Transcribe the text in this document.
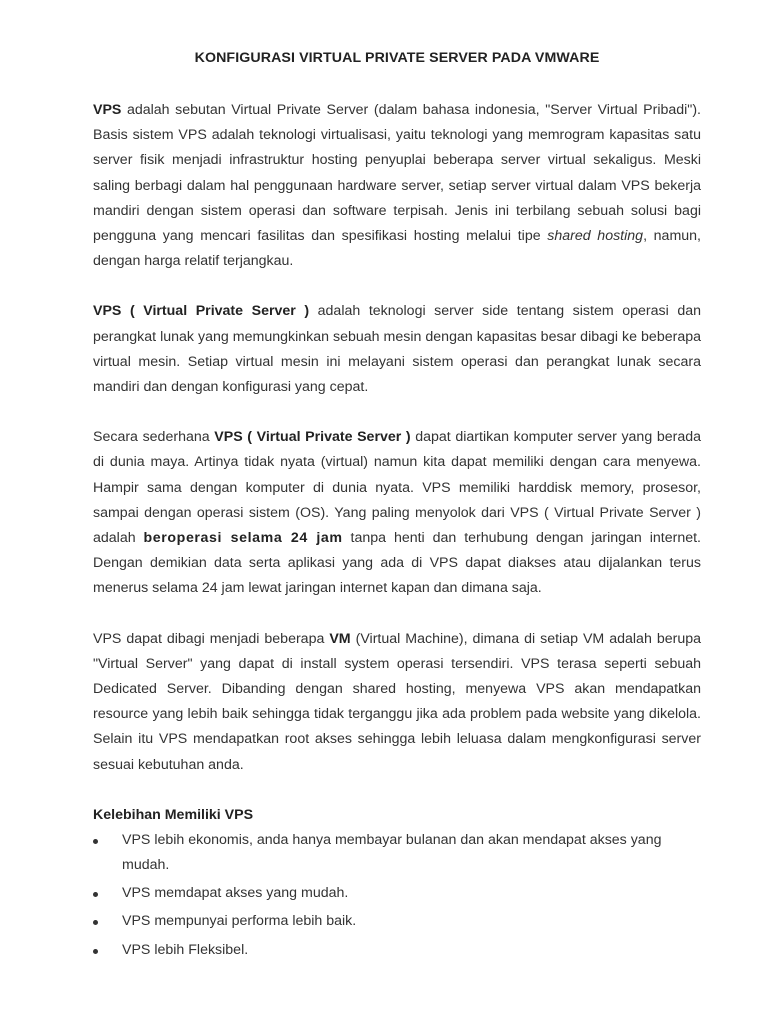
KONFIGURASI VIRTUAL PRIVATE SERVER PADA VMWARE

VPS adalah sebutan Virtual Private Server (dalam bahasa indonesia, "Server Virtual Pribadi"). Basis sistem VPS adalah teknologi virtualisasi, yaitu teknologi yang memrogram kapasitas satu server fisik menjadi infrastruktur hosting penyuplai beberapa server virtual sekaligus. Meski saling berbagi dalam hal penggunaan hardware server, setiap server virtual dalam VPS bekerja mandiri dengan sistem operasi dan software terpisah. Jenis ini terbilang sebuah solusi bagi pengguna yang mencari fasilitas dan spesifikasi hosting melalui tipe shared hosting, namun, dengan harga relatif terjangkau.

VPS ( Virtual Private Server ) adalah teknologi server side tentang sistem operasi dan perangkat lunak yang memungkinkan sebuah mesin dengan kapasitas besar dibagi ke beberapa virtual mesin. Setiap virtual mesin ini melayani sistem operasi dan perangkat lunak secara mandiri dan dengan konfigurasi yang cepat.

Secara sederhana VPS ( Virtual Private Server ) dapat diartikan komputer server yang berada di dunia maya. Artinya tidak nyata (virtual) namun kita dapat memiliki dengan cara menyewa. Hampir sama dengan komputer di dunia nyata. VPS memiliki harddisk memory, prosesor, sampai dengan operasi sistem (OS). Yang paling menyolok dari VPS ( Virtual Private Server ) adalah beroperasi selama 24 jam tanpa henti dan terhubung dengan jaringan internet. Dengan demikian data serta aplikasi yang ada di VPS dapat diakses atau dijalankan terus menerus selama 24 jam lewat jaringan internet kapan dan dimana saja.

VPS dapat dibagi menjadi beberapa VM (Virtual Machine), dimana di setiap VM adalah berupa "Virtual Server" yang dapat di install system operasi tersendiri. VPS terasa seperti sebuah Dedicated Server. Dibanding dengan shared hosting, menyewa VPS akan mendapatkan resource yang lebih baik sehingga tidak terganggu jika ada problem pada website yang dikelola. Selain itu VPS mendapatkan root akses sehingga lebih leluasa dalam mengkonfigurasi server sesuai kebutuhan anda.

Kelebihan Memiliki VPS
VPS lebih ekonomis, anda hanya membayar bulanan dan akan mendapat akses yang mudah.
VPS memdapat akses yang mudah.
VPS mempunyai performa lebih baik.
VPS lebih Fleksibel.
